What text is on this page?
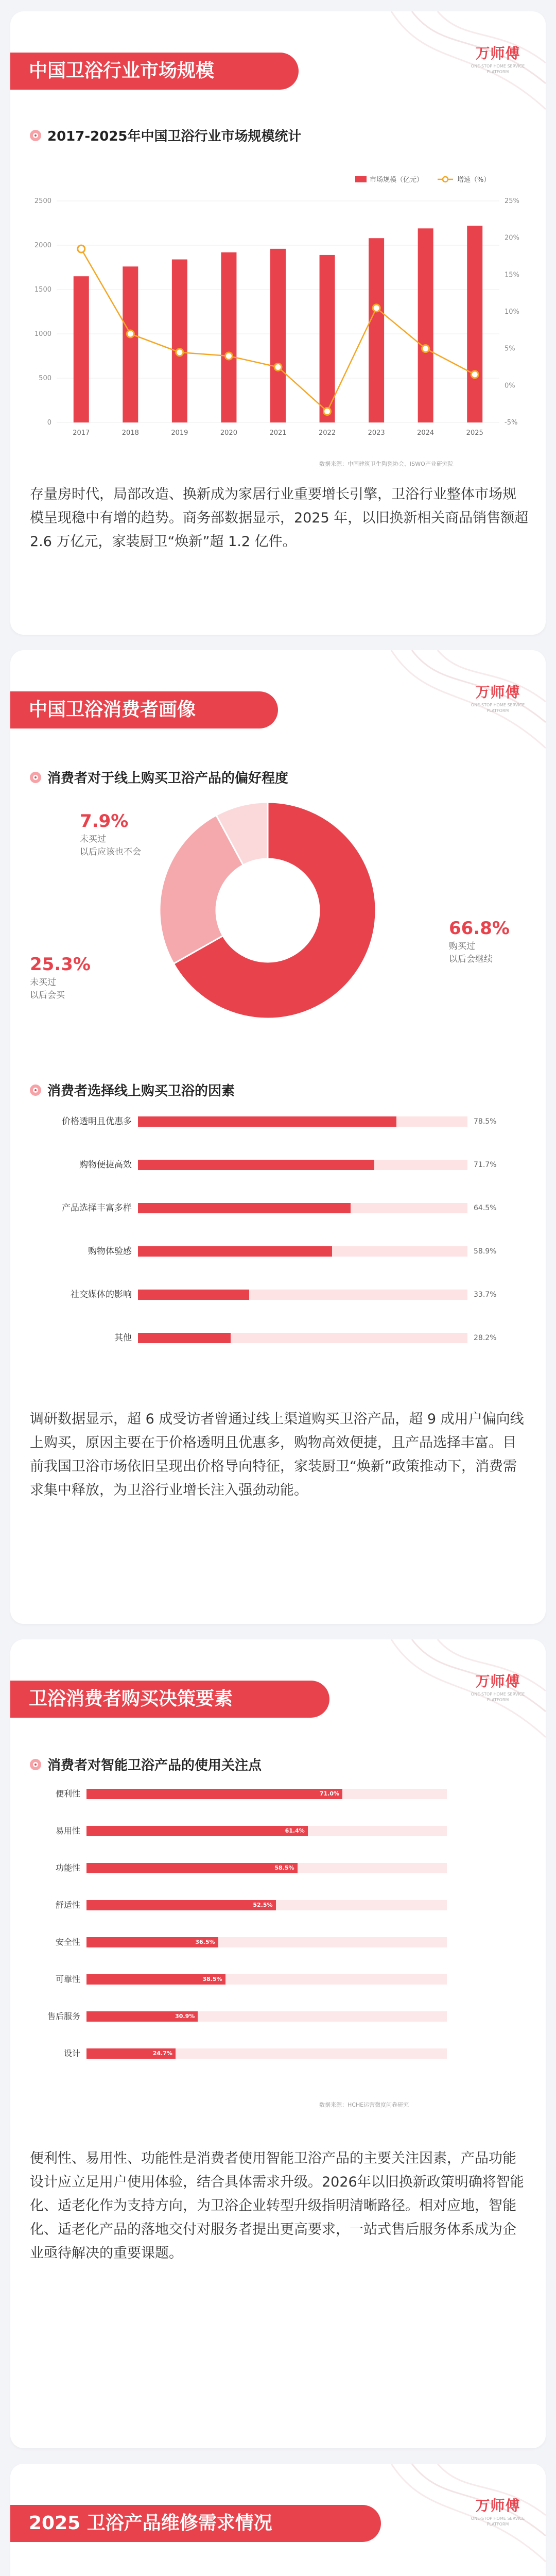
中国卫浴行业市场规模
万师傅
ONE-STOP HOME SERVICE PLATFORM
2017-2025年中国卫浴行业市场规模统计
0
500
1000
1500
2000
2500
-5%
0%
5%
10%
15%
20%
25%
2017	2018	2019	2020	2021	2022	2023	2024	2025
市场规模（亿元）	增速（%）
数据来源：中国建筑卫生陶瓷协会、ISWO产业研究院
存量房时代，局部改造、换新成为家居行业重要增长引擎，卫浴行业整体市场规模呈现稳中有增的趋势。商务部数据显示，2025 年，以旧换新相关商品销售额超 2.6 万亿元，家装厨卫“焕新”超 1.2 亿件。
中国卫浴消费者画像
万师傅
ONE-STOP HOME SERVICE PLATFORM
消费者对于线上购买卫浴产品的偏好程度
66.8%
购买过
以后会继续
25.3%
未买过
以后会买
7.9%
未买过
以后应该也不会
消费者选择线上购买卫浴的因素
78.5%
价格透明且优惠多
71.7%
购物便捷高效
64.5%
产品选择丰富多样
58.9%
购物体验感
33.7%
社交媒体的影响
28.2%
其他
调研数据显示，超 6 成受访者曾通过线上渠道购买卫浴产品，超 9 成用户偏向线上购买，原因主要在于价格透明且优惠多，购物高效便捷，且产品选择丰富。目前我国卫浴市场依旧呈现出价格导向特征，家装厨卫“焕新”政策推动下，消费需求集中释放，为卫浴行业增长注入强劲动能。
卫浴消费者购买决策要素
万师傅
ONE-STOP HOME SERVICE PLATFORM
消费者对智能卫浴产品的使用关注点
便利性	71.0%
易用性	61.4%
功能性	58.5%
舒适性	52.5%
安全性	36.5%
可靠性	38.5%
售后服务	30.9%
设计	24.7%
数据来源：HCHE运营微度问卷研究
便利性、易用性、功能性是消费者使用智能卫浴产品的主要关注因素，产品功能设计应立足用户使用体验，结合具体需求升级。2026年以旧换新政策明确将智能化、适老化作为支持方向，为卫浴企业转型升级指明清晰路径。相对应地，智能化、适老化产品的落地交付对服务者提出更高要求，一站式售后服务体系成为企业亟待解决的重要课题。
2025 卫浴产品维修需求情况
万师傅
ONE-STOP HOME SERVICE PLATFORM
